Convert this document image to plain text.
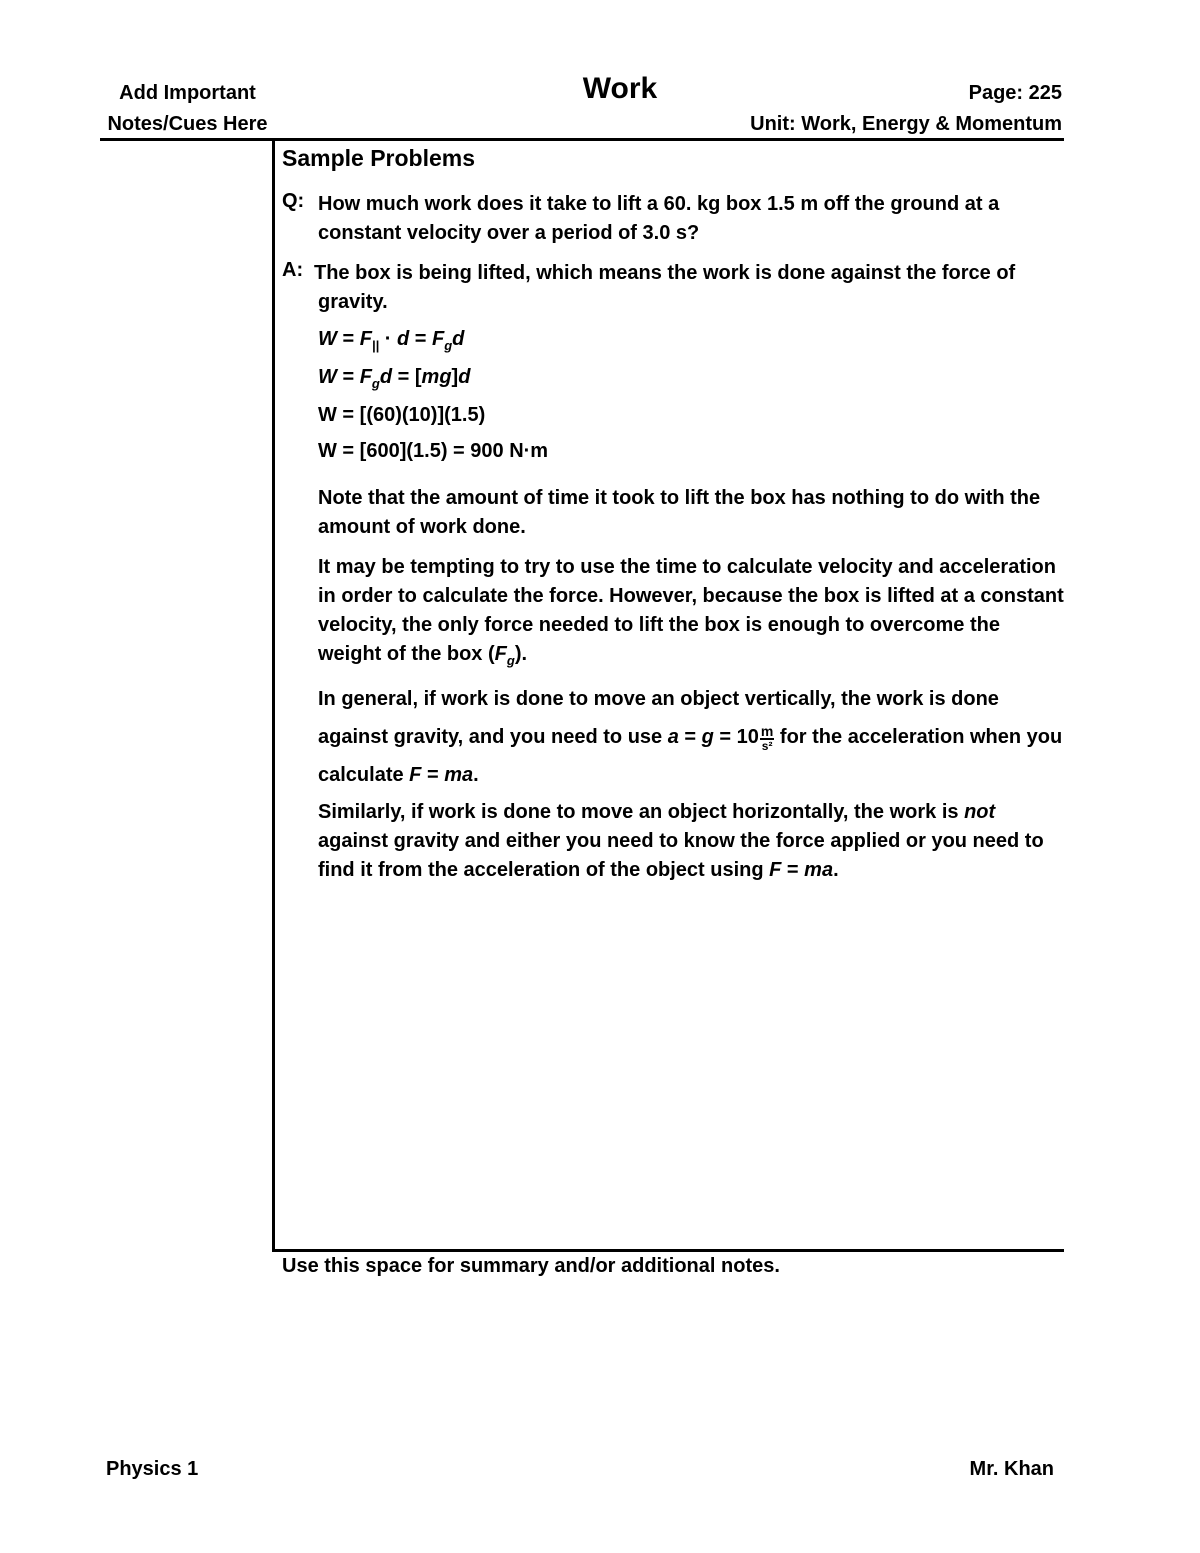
Add Important
Notes/Cues Here
Work	Page: 225
Unit: Work, Energy & Momentum
Sample Problems
Q: How much work does it take to lift a 60. kg box 1.5 m off the ground at a
constant velocity over a period of 3.0 s?
A: The box is being lifted, which means the work is done against the force of
gravity.
$W = F_{||} \cdot d = F_gd$
$W = F_gd = [mg]d$
W = [(60)(10)](1.5)
W = [600](1.5) = 900 N·m
Note that the amount of time it took to lift the box has nothing to do with the amount of work done.
It may be tempting to try to use the time to calculate velocity and acceleration in order to calculate the force. However, because the box is lifted at a constant velocity, the only force needed to lift the box is enough to overcome the weight of the box $(F_g)$.
In general, if work is done to move an object vertically, the work is done against gravity, and you need to use $a = g = 10 \frac{m}{\text{s²}}$ for the acceleration when you calculate F = ma.
Similarly, if work is done to move an object horizontally, the work is not against gravity and either you need to know the force applied or you need to find it from the acceleration of the object using F = ma.
Use this space for summary and/or additional notes.
Physics 1	Mr. Khan
